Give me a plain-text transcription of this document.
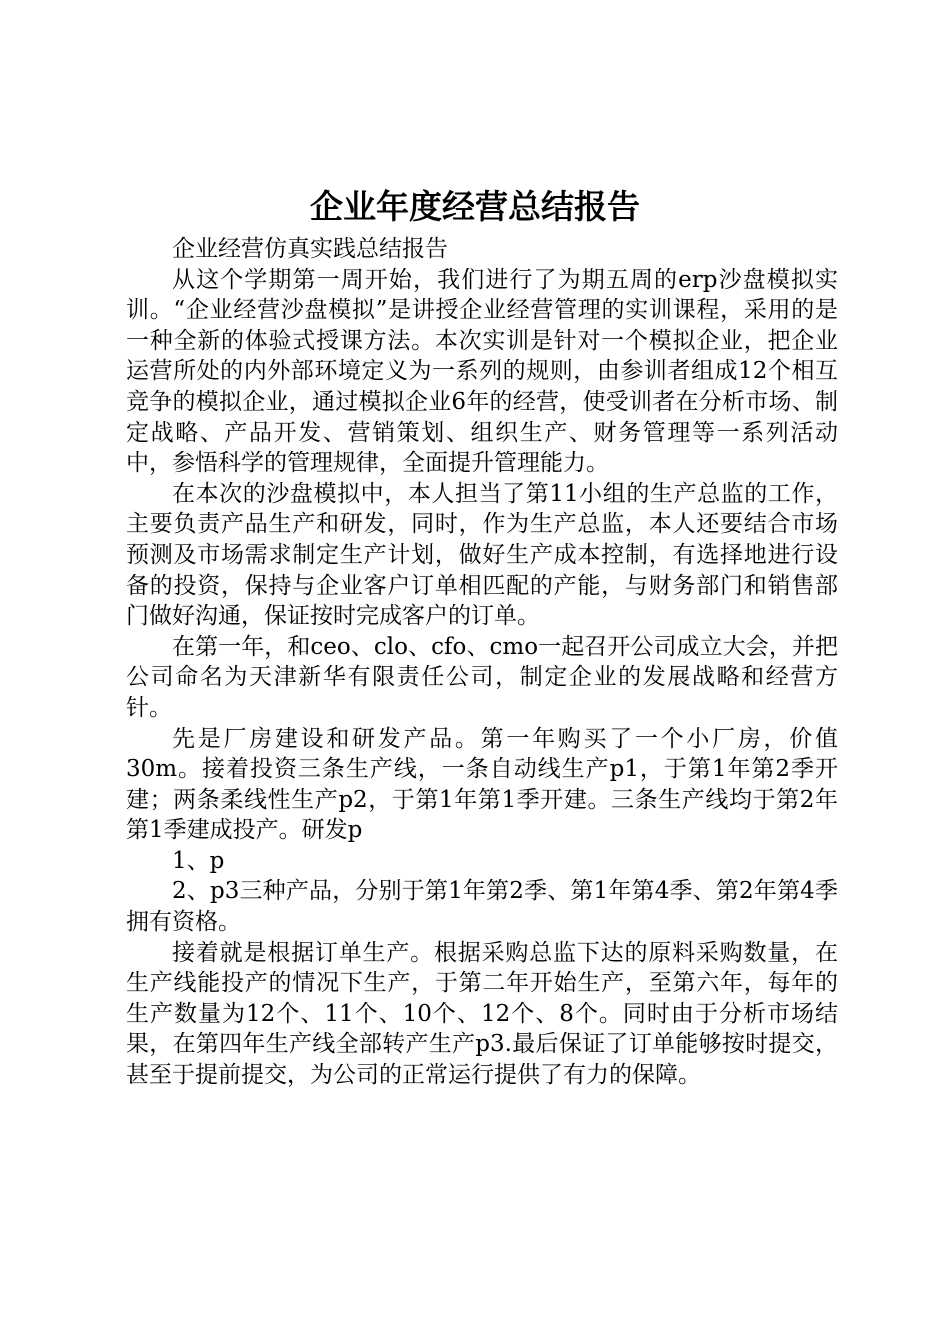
企业年度经营总结报告

企业经营仿真实践总结报告

从这个学期第一周开始，我们进行了为期五周的erp沙盘模拟实训。“企业经营沙盘模拟”是讲授企业经营管理的实训课程，采用的是一种全新的体验式授课方法。本次实训是针对一个模拟企业，把企业运营所处的内外部环境定义为一系列的规则，由参训者组成12个相互竞争的模拟企业，通过模拟企业6年的经营，使受训者在分析市场、制定战略、产品开发、营销策划、组织生产、财务管理等一系列活动中，参悟科学的管理规律，全面提升管理能力。

在本次的沙盘模拟中，本人担当了第11小组的生产总监的工作，主要负责产品生产和研发，同时，作为生产总监，本人还要结合市场预测及市场需求制定生产计划，做好生产成本控制，有选择地进行设备的投资，保持与企业客户订单相匹配的产能，与财务部门和销售部门做好沟通，保证按时完成客户的订单。

在第一年，和ceo、clo、cfo、cmo一起召开公司成立大会，并把公司命名为天津新华有限责任公司，制定企业的发展战略和经营方针。

先是厂房建设和研发产品。第一年购买了一个小厂房，价值30m。接着投资三条生产线，一条自动线生产p1，于第1年第2季开建；两条柔线性生产p2，于第1年第1季开建。三条生产线均于第2年第1季建成投产。研发p

1、p

2、p3三种产品，分别于第1年第2季、第1年第4季、第2年第4季拥有资格。

接着就是根据订单生产。根据采购总监下达的原料采购数量，在生产线能投产的情况下生产，于第二年开始生产，至第六年，每年的生产数量为12个、11个、10个、12个、8个。同时由于分析市场结果，在第四年生产线全部转产生产p3.最后保证了订单能够按时提交，甚至于提前提交，为公司的正常运行提供了有力的保障。
